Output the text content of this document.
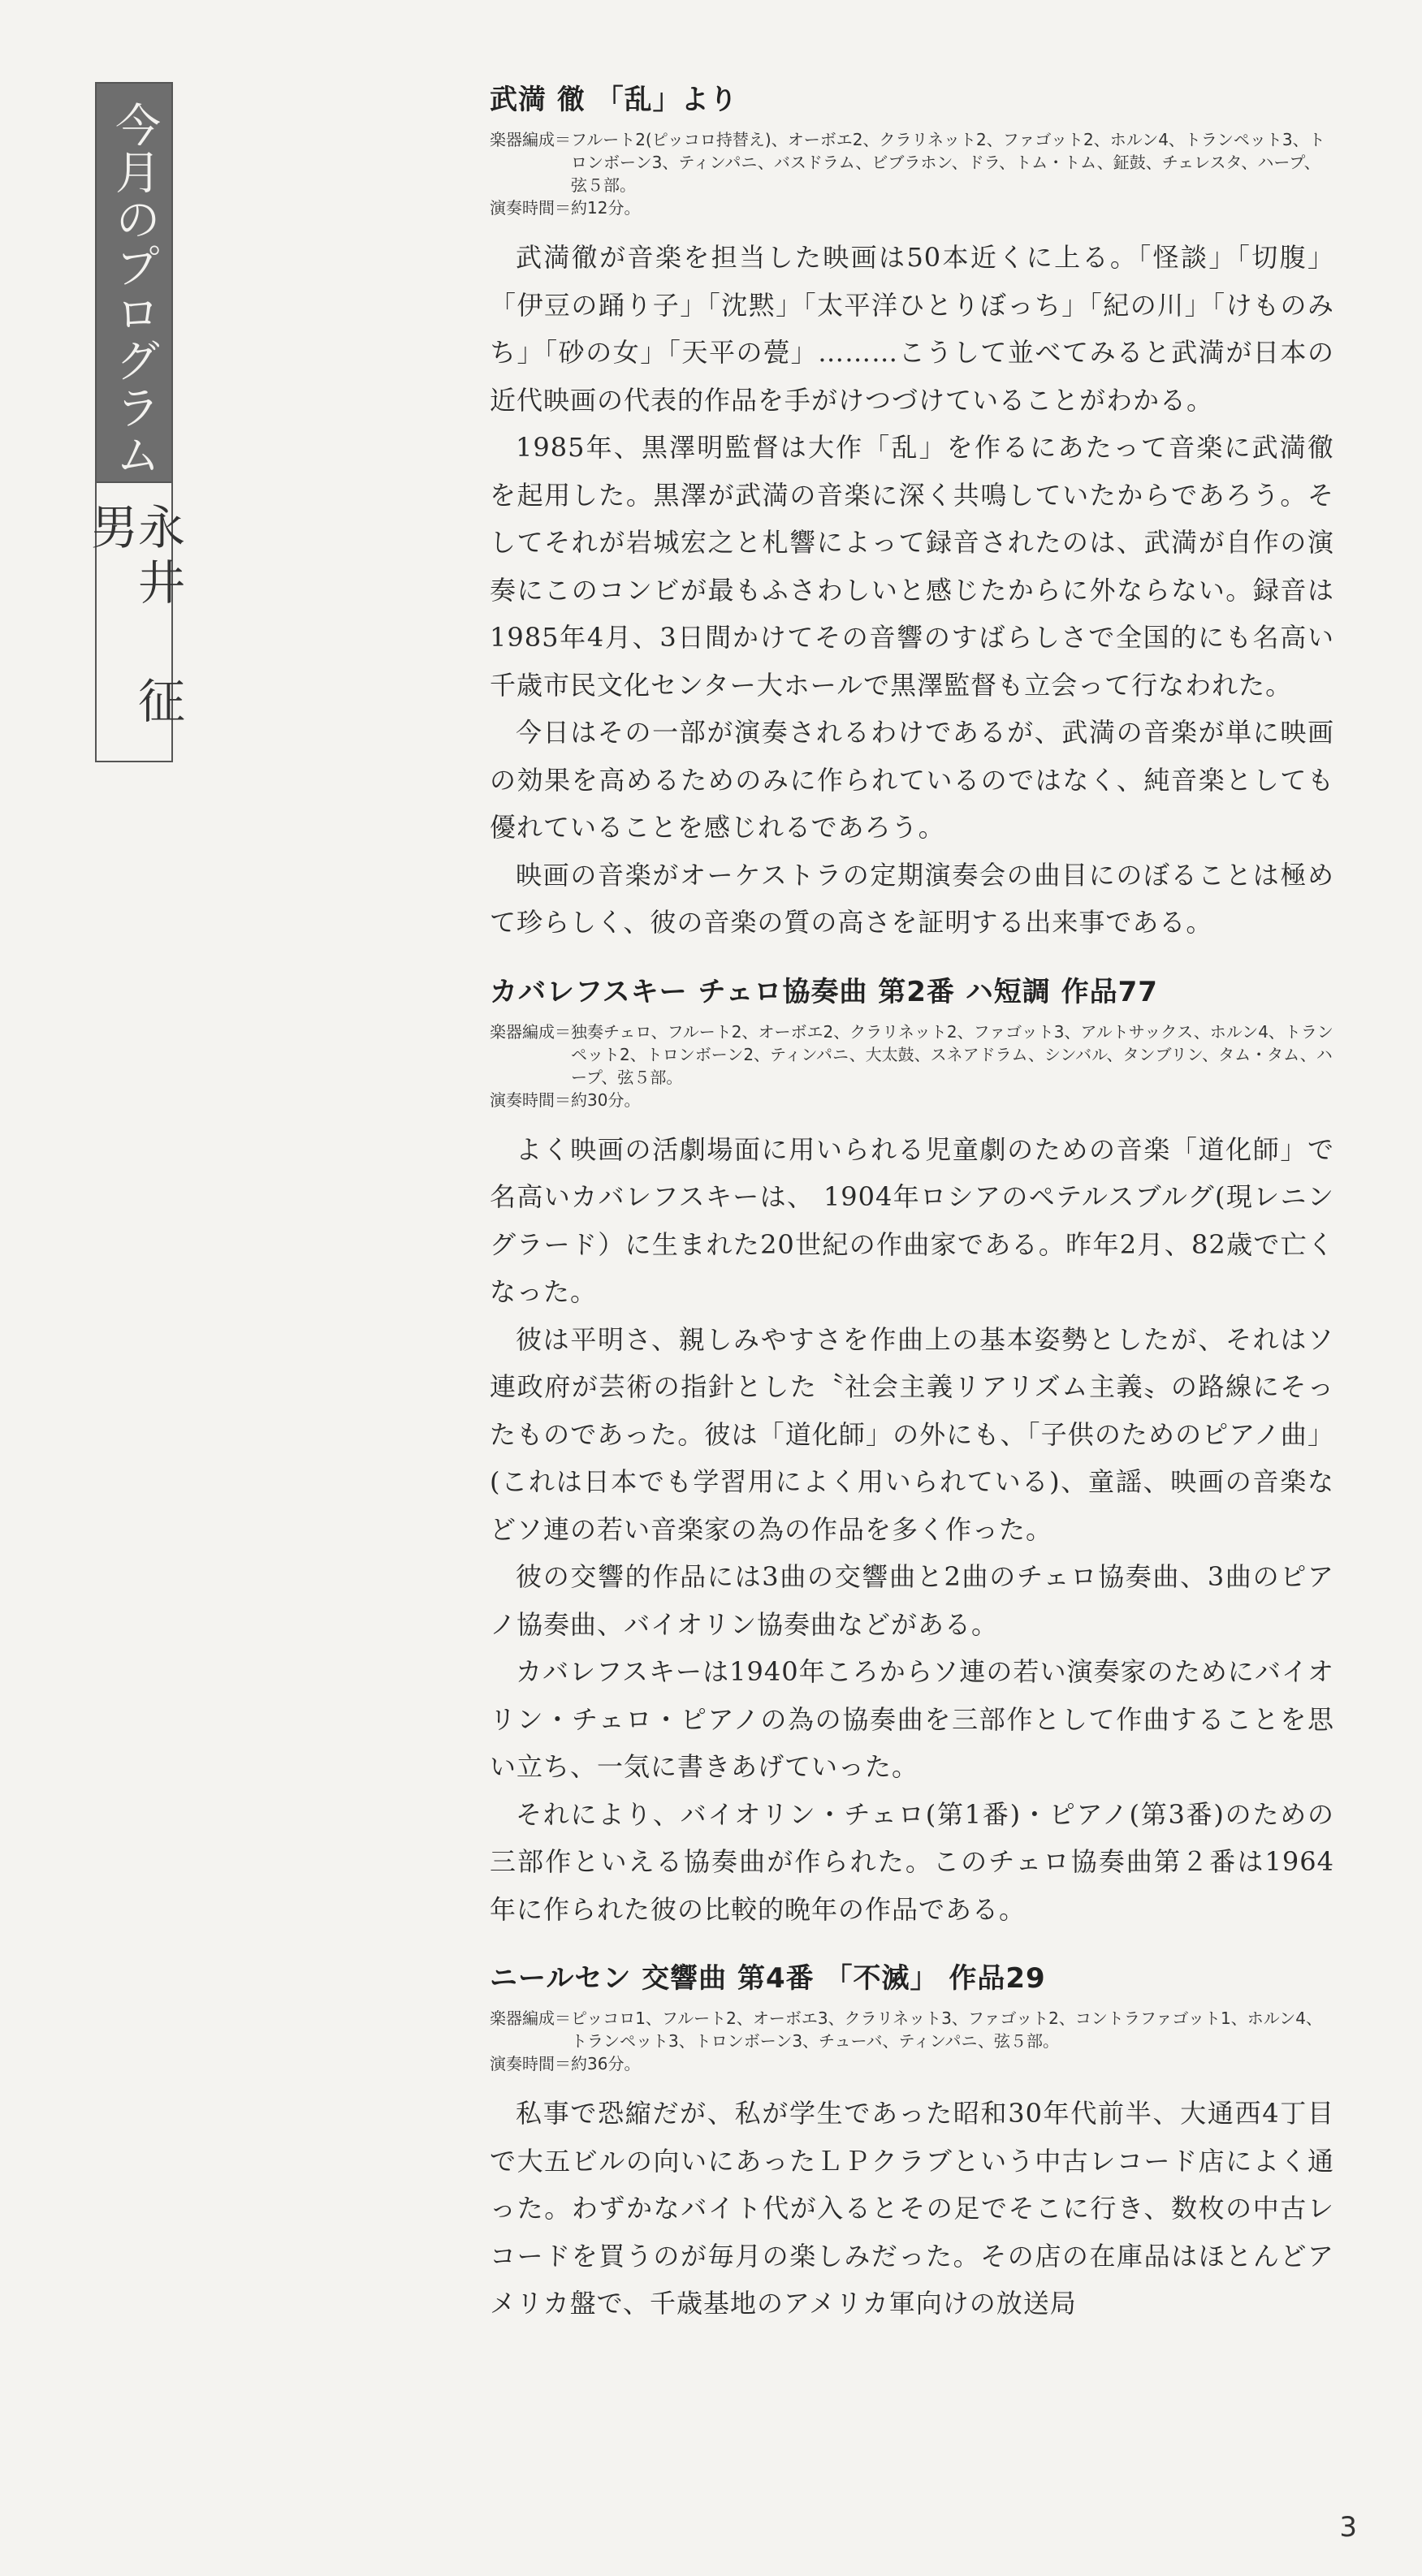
今月のプログラム
永井 征男
武満 徹 「乱」より
楽器編成＝ フルート2(ピッコロ持替え)、オーボエ2、クラリネット2、ファゴット2、ホルン4、トランペット3、トロンボーン3、ティンパニ、バスドラム、ビブラホン、ドラ、トム・トム、鉦鼓、チェレスタ、ハープ、弦５部。
演奏時間＝約12分。

武満徹が音楽を担当した映画は50本近くに上る。「怪談」「切腹」「伊豆の踊り子」「沈黙」「太平洋ひとりぼっち」「紀の川」「けものみち」「砂の女」「天平の甍」………こうして並べてみると武満が日本の近代映画の代表的作品を手がけつづけていることがわかる。

1985年、黒澤明監督は大作「乱」を作るにあたって音楽に武満徹を起用した。黒澤が武満の音楽に深く共鳴していたからであろう。そしてそれが岩城宏之と札響によって録音されたのは、武満が自作の演奏にこのコンビが最もふさわしいと感じたからに外ならない。録音は1985年4月、3日間かけてその音響のすばらしさで全国的にも名高い千歳市民文化センター大ホールで黒澤監督も立会って行なわれた。

今日はその一部が演奏されるわけであるが、武満の音楽が単に映画の効果を高めるためのみに作られているのではなく、純音楽としても優れていることを感じれるであろう。

映画の音楽がオーケストラの定期演奏会の曲目にのぼることは極めて珍らしく、彼の音楽の質の高さを証明する出来事である。

カバレフスキー チェロ協奏曲 第2番 ハ短調 作品77
楽器編成＝ 独奏チェロ、フルート2、オーボエ2、クラリネット2、ファゴット3、アルトサックス、ホルン4、トランペット2、トロンボーン2、ティンパニ、大太鼓、スネアドラム、シンバル、タンブリン、タム・タム、ハープ、弦５部。
演奏時間＝約30分。

よく映画の活劇場面に用いられる児童劇のための音楽「道化師」で名高いカバレフスキーは、 1904年ロシアのペテルスブルグ(現レニングラード）に生まれた20世紀の作曲家である。昨年2月、82歳で亡くなった。

彼は平明さ、親しみやすさを作曲上の基本姿勢としたが、それはソ連政府が芸術の指針とした〝社会主義リアリズム主義〟の路線にそったものであった。彼は「道化師」の外にも、「子供のためのピアノ曲」(これは日本でも学習用によく用いられている)、童謡、映画の音楽などソ連の若い音楽家の為の作品を多く作った。

彼の交響的作品には3曲の交響曲と2曲のチェロ協奏曲、3曲のピアノ協奏曲、バイオリン協奏曲などがある。

カバレフスキーは1940年ころからソ連の若い演奏家のためにバイオリン・チェロ・ピアノの為の協奏曲を三部作として作曲することを思い立ち、一気に書きあげていった。

それにより、バイオリン・チェロ(第1番)・ピアノ(第3番)のための三部作といえる協奏曲が作られた。このチェロ協奏曲第２番は1964年に作られた彼の比較的晩年の作品である。

ニールセン 交響曲 第4番 「不滅」 作品29
楽器編成＝ ピッコロ1、フルート2、オーボエ3、クラリネット3、ファゴット2、コントラファゴット1、ホルン4、トランペット3、トロンボーン3、チューバ、ティンパニ、弦５部。
演奏時間＝約36分。

私事で恐縮だが、私が学生であった昭和30年代前半、大通西4丁目で大五ビルの向いにあったＬＰクラブという中古レコード店によく通った。わずかなバイト代が入るとその足でそこに行き、数枚の中古レコードを買うのが毎月の楽しみだった。その店の在庫品はほとんどアメリカ盤で、千歳基地のアメリカ軍向けの放送局

3
